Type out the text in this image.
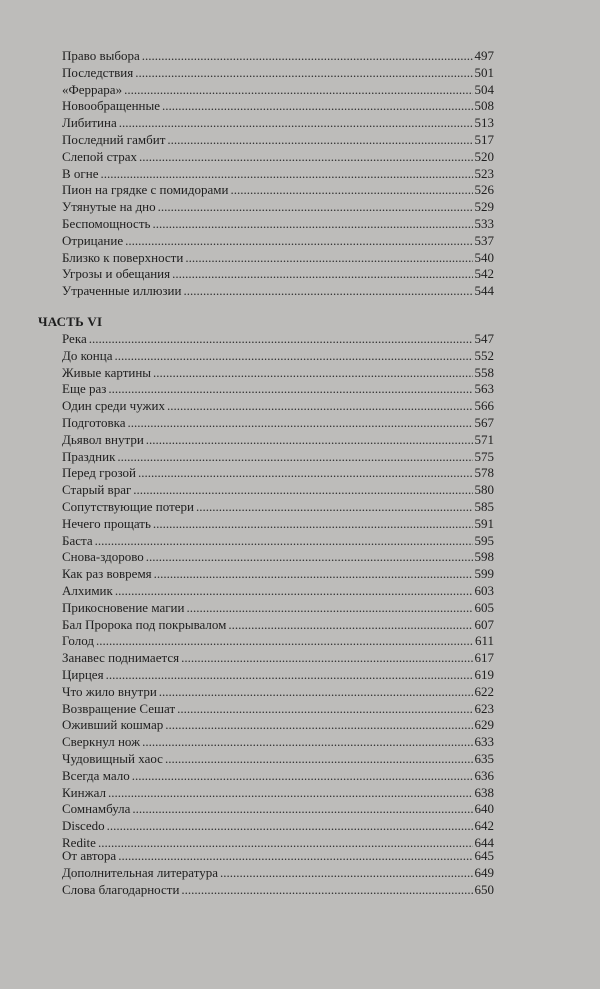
Право выбора .....	497
Последствия .....	501
«Феррара» .....	504
Новообращенные .....	508
Либитина .....	513
Последний гамбит .....	517
Слепой страх .....	520
В огне .....	523
Пион на грядке с помидорами .....	526
Утянутые на дно .....	529
Беспомощность .....	533
Отрицание .....	537
Близко к поверхности .....	540
Угрозы и обещания .....	542
Утраченные иллюзии .....	544
ЧАСТЬ VI
Река .....	547
До конца .....	552
Живые картины .....	558
Еще раз .....	563
Один среди чужих .....	566
Подготовка .....	567
Дьявол внутри .....	571
Праздник .....	575
Перед грозой .....	578
Старый враг .....	580
Сопутствующие потери .....	585
Нечего прощать .....	591
Баста .....	595
Снова-здорово .....	598
Как раз вовремя .....	599
Алхимик .....	603
Прикосновение магии .....	605
Бал Пророка под покрывалом .....	607
Голод .....	611
Занавес поднимается .....	617
Цирцея .....	619
Что жило внутри .....	622
Возвращение Сешат .....	623
Оживший кошмар .....	629
Сверкнул нож .....	633
Чудовищный хаос .....	635
Всегда мало .....	636
Кинжал .....	638
Сомнамбула .....	640
Discedo .....	642
Redite .....	644
От автора .....	645
Дополнительная литература .....	649
Слова благодарности .....	650
